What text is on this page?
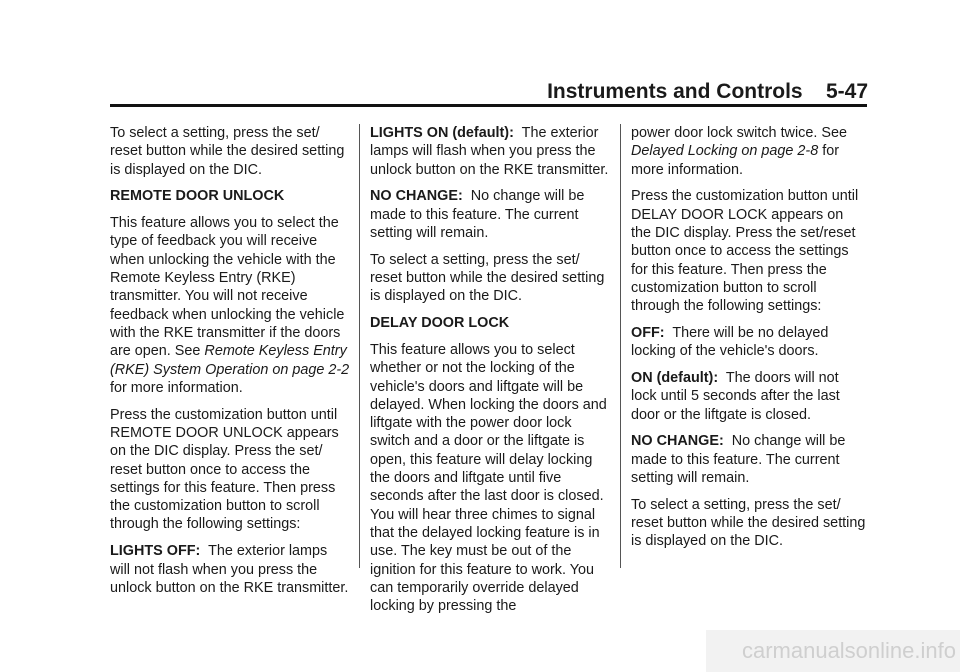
Instruments and Controls 5-47

To select a setting, press the set/ reset button while the desired setting is displayed on the DIC.

REMOTE DOOR UNLOCK

This feature allows you to select the type of feedback you will receive when unlocking the vehicle with the Remote Keyless Entry (RKE) transmitter. You will not receive feedback when unlocking the vehicle with the RKE transmitter if the doors are open. See Remote Keyless Entry (RKE) System Operation on page 2-2 for more information.

Press the customization button until REMOTE DOOR UNLOCK appears on the DIC display. Press the set/ reset button once to access the settings for this feature. Then press the customization button to scroll through the following settings:

LIGHTS OFF: The exterior lamps will not flash when you press the unlock button on the RKE transmitter.

LIGHTS ON (default): The exterior lamps will flash when you press the unlock button on the RKE transmitter.

NO CHANGE: No change will be made to this feature. The current setting will remain.

To select a setting, press the set/ reset button while the desired setting is displayed on the DIC.

DELAY DOOR LOCK

This feature allows you to select whether or not the locking of the vehicle's doors and liftgate will be delayed. When locking the doors and liftgate with the power door lock switch and a door or the liftgate is open, this feature will delay locking the doors and liftgate until five seconds after the last door is closed. You will hear three chimes to signal that the delayed locking feature is in use. The key must be out of the ignition for this feature to work. You can temporarily override delayed locking by pressing the

power door lock switch twice. See Delayed Locking on page 2-8 for more information.

Press the customization button until DELAY DOOR LOCK appears on the DIC display. Press the set/reset button once to access the settings for this feature. Then press the customization button to scroll through the following settings:

OFF: There will be no delayed locking of the vehicle's doors.

ON (default): The doors will not lock until 5 seconds after the last door or the liftgate is closed.

NO CHANGE: No change will be made to this feature. The current setting will remain.

To select a setting, press the set/ reset button while the desired setting is displayed on the DIC.

carmanualsonline.info
